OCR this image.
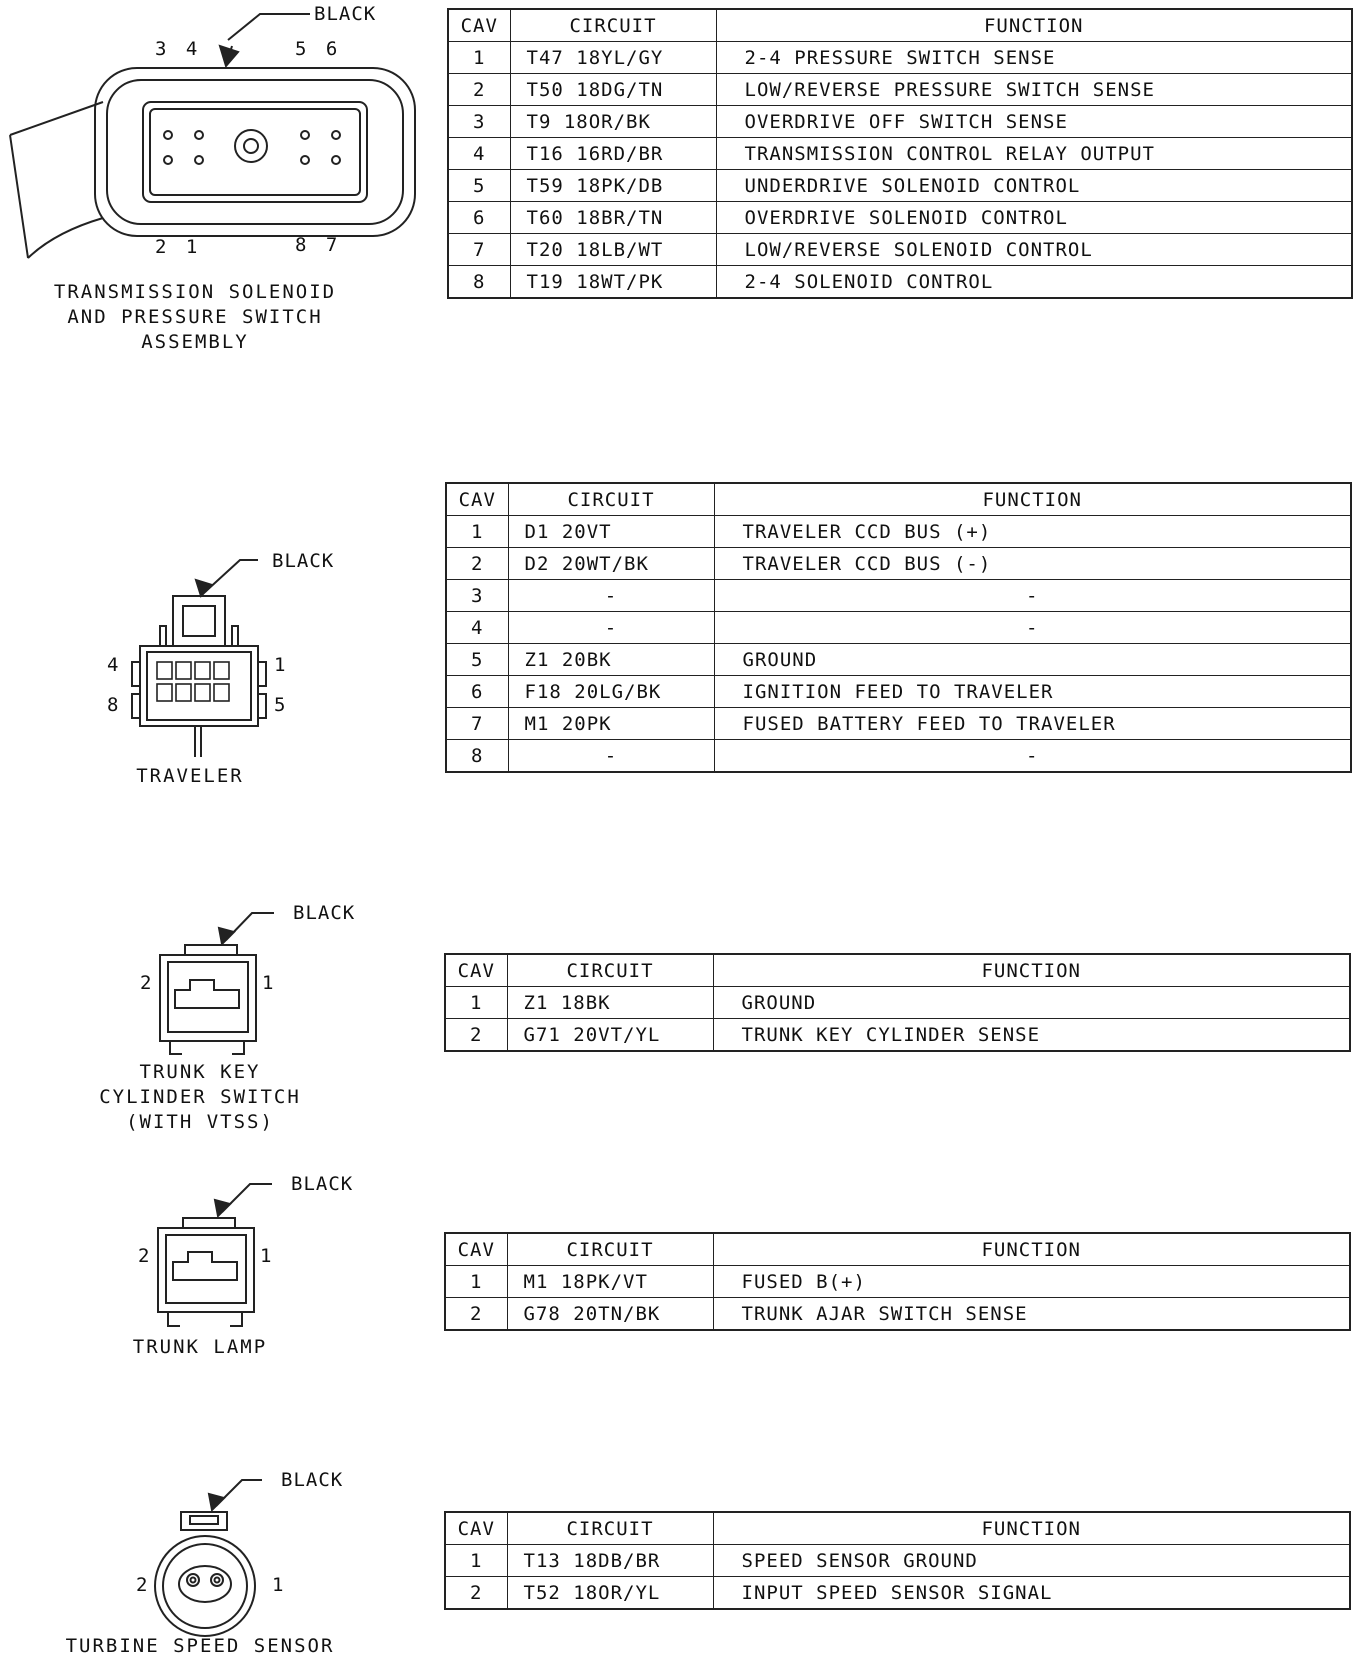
BLACK
3 4	5 6
2 1	8 7
TRANSMISSION SOLENOID
AND PRESSURE SWITCH
ASSEMBLY
BLACK
4	1
8	5
TRAVELER
BLACK
2	1
TRUNK KEY
CYLINDER SWITCH
(WITH VTSS)
BLACK
2	1
TRUNK LAMP
BLACK
2	1
TURBINE SPEED SENSOR
CAV	CIRCUIT	FUNCTION
1	T47 18YL/GY	2-4 PRESSURE SWITCH SENSE
2	T50 18DG/TN	LOW/REVERSE PRESSURE SWITCH SENSE
3	T9 18OR/BK	OVERDRIVE OFF SWITCH SENSE
4	T16 16RD/BR	TRANSMISSION CONTROL RELAY OUTPUT
5	T59 18PK/DB	UNDERDRIVE SOLENOID CONTROL
6	T60 18BR/TN	OVERDRIVE SOLENOID CONTROL
7	T20 18LB/WT	LOW/REVERSE SOLENOID CONTROL
8	T19 18WT/PK	2-4 SOLENOID CONTROL
CAV	CIRCUIT	FUNCTION
1	D1 20VT	TRAVELER CCD BUS (+)
2	D2 20WT/BK	TRAVELER CCD BUS (-)
3	-	-
4	-	-
5	Z1 20BK	GROUND
6	F18 20LG/BK	IGNITION FEED TO TRAVELER
7	M1 20PK	FUSED BATTERY FEED TO TRAVELER
8	-	-
CAV	CIRCUIT	FUNCTION
1	Z1 18BK	GROUND
2	G71 20VT/YL	TRUNK KEY CYLINDER SENSE
CAV	CIRCUIT	FUNCTION
1	M1 18PK/VT	FUSED B(+)
2	G78 20TN/BK	TRUNK AJAR SWITCH SENSE
CAV	CIRCUIT	FUNCTION
1	T13 18DB/BR	SPEED SENSOR GROUND
2	T52 18OR/YL	INPUT SPEED SENSOR SIGNAL
